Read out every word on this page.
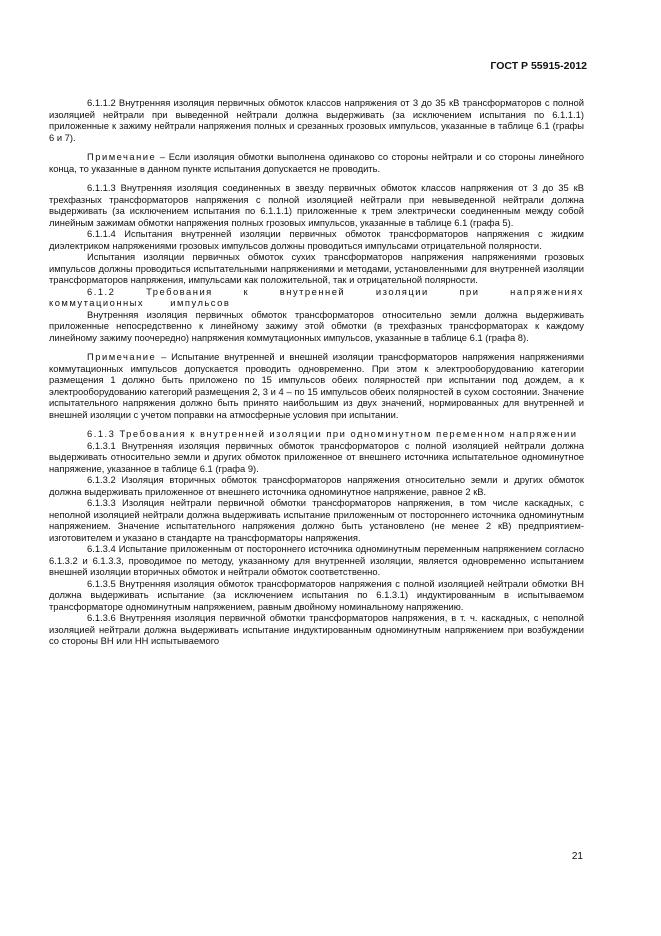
ГОСТ Р 55915-2012

6.1.1.2 Внутренняя изоляция первичных обмоток классов напряжения от 3 до 35 кВ трансформаторов с полной изоляцией нейтрали при выведенной нейтрали должна выдерживать (за исключением испытания по 6.1.1.1) приложенные к зажиму нейтрали напряжения полных и срезанных грозовых импульсов, указанные в таблице 6.1 (графы 6 и 7).

Примечание – Если изоляция обмотки выполнена одинаково со стороны нейтрали и со стороны линейного конца, то указанные в данном пункте испытания допускается не проводить.

6.1.1.3 Внутренняя изоляция соединенных в звезду первичных обмоток классов напряжения от 3 до 35 кВ трехфазных трансформаторов напряжения с полной изоляцией нейтрали при невыведенной нейтрали должна выдерживать (за исключением испытания по 6.1.1.1) приложенные к трем электрически соединенным между собой линейным зажимам обмотки напряжения полных грозовых импульсов, указанные в таблице 6.1 (графа 5).

6.1.1.4 Испытания внутренней изоляции первичных обмоток трансформаторов напряжения с жидким диэлектриком напряжениями грозовых импульсов должны проводиться импульсами отрицательной полярности.

Испытания изоляции первичных обмоток сухих трансформаторов напряжения напряжениями грозовых импульсов должны проводиться испытательными напряжениями и методами, установленными для внутренней изоляции трансформаторов напряжения, импульсами как положительной, так и отрицательной полярности.

6.1.2 Требования к внутренней изоляции при напряжениях коммутационных импульсов

Внутренняя изоляция первичных обмоток трансформаторов относительно земли должна выдерживать приложенные непосредственно к линейному зажиму этой обмотки (в трехфазных трансформаторах к каждому линейному зажиму поочередно) напряжения коммутационных импульсов, указанные в таблице 6.1 (графа 8).

Примечание – Испытание внутренней и внешней изоляции трансформаторов напряжения напряжениями коммутационных импульсов допускается проводить одновременно. При этом к электрооборудованию категории размещения 1 должно быть приложено по 15 импульсов обеих полярностей при испытании под дождем, а к электрооборудованию категорий размещения 2, 3 и 4 – по 15 импульсов обеих полярностей в сухом состоянии. Значение испытательного напряжения должно быть принято наибольшим из двух значений, нормированных для внутренней и внешней изоляции с учетом поправки на атмосферные условия при испытании.

6.1.3 Требования к внутренней изоляции при одноминутном переменном напряжении

6.1.3.1 Внутренняя изоляция первичных обмоток трансформаторов с полной изоляцией нейтрали должна выдерживать относительно земли и других обмоток приложенное от внешнего источника испытательное одноминутное напряжение, указанное в таблице 6.1 (графа 9).

6.1.3.2 Изоляция вторичных обмоток трансформаторов напряжения относительно земли и других обмоток должна выдерживать приложенное от внешнего источника одноминутное напряжение, равное 2 кВ.

6.1.3.3 Изоляция нейтрали первичной обмотки трансформаторов напряжения, в том числе каскадных, с неполной изоляцией нейтрали должна выдерживать испытание приложенным от постороннего источника одноминутным напряжением. Значение испытательного напряжения должно быть установлено (не менее 2 кВ) предприятием-изготовителем и указано в стандарте на трансформаторы напряжения.

6.1.3.4 Испытание приложенным от постороннего источника одноминутным переменным напряжением согласно 6.1.3.2 и 6.1.3.3, проводимое по методу, указанному для внутренней изоляции, является одновременно испытанием внешней изоляции вторичных обмоток и нейтрали обмоток соответственно.

6.1.3.5 Внутренняя изоляция обмоток трансформаторов напряжения с полной изоляцией нейтрали обмотки ВН должна выдерживать испытание (за исключением испытания по 6.1.3.1) индуктированным в испытываемом трансформаторе одноминутным напряжением, равным двойному номинальному напряжению.

6.1.3.6 Внутренняя изоляция первичной обмотки трансформаторов напряжения, в т. ч. каскадных, с неполной изоляцией нейтрали должна выдерживать испытание индуктированным одноминутным напряжением при возбуждении со стороны ВН или НН испытываемого

21
